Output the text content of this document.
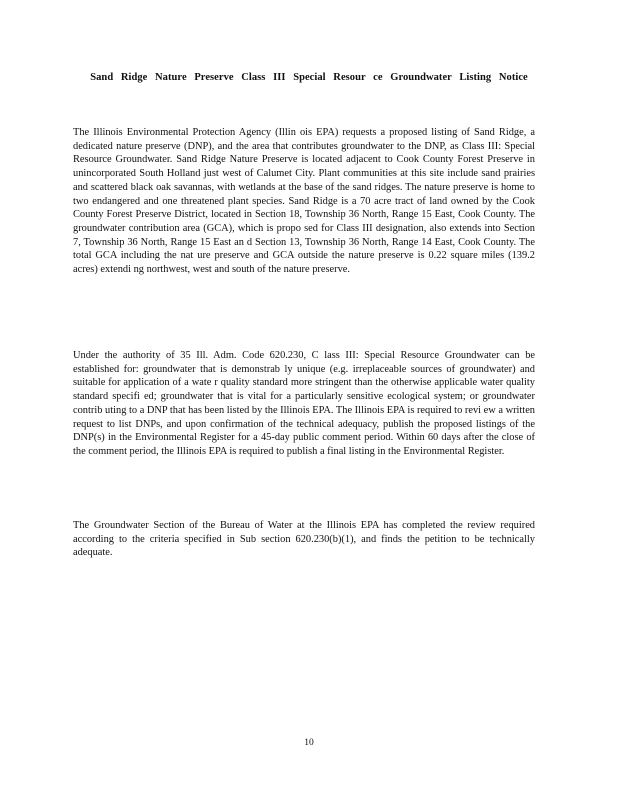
Sand Ridge Nature Preserve Class III Special Resour ce Groundwater Listing Notice

The Illinois Environmental Protection Agency (Illin ois EPA) requests a proposed listing of Sand Ridge, a dedicated nature preserve (DNP), and the area that contributes groundwater to the DNP, as Class III: Special Resource Groundwater. Sand Ridge Nature Preserve is located adjacent to Cook County Forest Preserve in unincorporated South Holland just west of Calumet City. Plant communities at this site include sand prairies and scattered black oak savannas, with wetlands at the base of the sand ridges. The nature preserve is home to two endangered and one threatened plant species. Sand Ridge is a 70 acre tract of land owned by the Cook County Forest Preserve District, located in Section 18, Township 36 North, Range 15 East, Cook County. The groundwater contribution area (GCA), which is propo sed for Class III designation, also extends into Section 7, Township 36 North, Range 15 East an d Section 13, Township 36 North, Range 14 East, Cook County. The total GCA including the nat ure preserve and GCA outside the nature preserve is 0.22 square miles (139.2 acres) extendi ng northwest, west and south of the nature preserve.

Under the authority of 35 Ill. Adm. Code 620.230, C lass III: Special Resource Groundwater can be established for: groundwater that is demonstrab ly unique (e.g. irreplaceable sources of groundwater) and suitable for application of a wate r quality standard more stringent than the otherwise applicable water quality standard specifi ed; groundwater that is vital for a particularly sensitive ecological system; or groundwater contrib uting to a DNP that has been listed by the Illinois EPA. The Illinois EPA is required to revi ew a written request to list DNPs, and upon confirmation of the technical adequacy, publish the proposed listings of the DNP(s) in the Environmental Register for a 45-day public comment period. Within 60 days after the close of the comment period, the Illinois EPA is required to publish a final listing in the Environmental Register.

The Groundwater Section of the Bureau of Water at the Illinois EPA has completed the review required according to the criteria specified in Sub section 620.230(b)(1), and finds the petition to be technically adequate.

10
